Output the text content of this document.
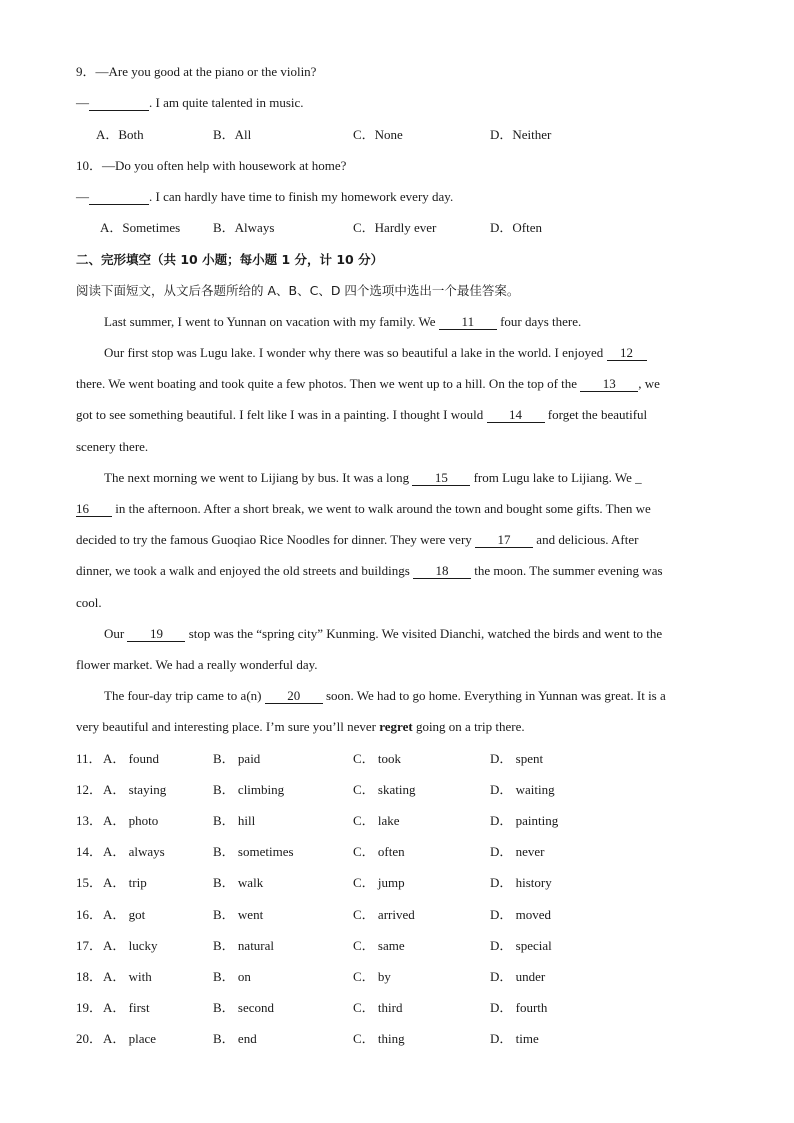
9．—Are you good at the piano or the violin?
—	. I am quite talented in music.
A．Both	B．All	C．None	D．Neither
10．—Do you often help with housework at home?
—	. I can hardly have time to finish my homework every day.
A．Sometimes	B．Always	C．Hardly ever	D．Often
二、完形填空（共 10 小题；每小题 1 分，计 10 分）
阅读下面短文，从文后各题所给的 A、B、C、D 四个选项中选出一个最佳答案。
Last summer, I went to Yunnan on vacation with my family. We 11 four days there.
Our first stop was Lugu lake. I wonder why there was so beautiful a lake in the world. I enjoyed 12
there. We went boating and took quite a few photos. Then we went up to a hill. On the top of the 13 , we
got to see something beautiful. I felt like I was in a painting. I thought I would 14 forget the beautiful
scenery there.
The next morning we went to Lijiang by bus. It was a long 15 from Lugu lake to Lijiang. We _
16 in the afternoon. After a short break, we went to walk around the town and bought some gifts. Then we
decided to try the famous Guoqiao Rice Noodles for dinner. They were very 17 and delicious. After
dinner, we took a walk and enjoyed the old streets and buildings 18 the moon. The summer evening was
cool.
Our 19 stop was the “spring city” Kunming. We visited Dianchi, watched the birds and went to the
flower market. We had a really wonderful day.
The four-day trip came to a(n) 20 soon. We had to go home. Everything in Yunnan was great. It is a
very beautiful and interesting place. I’m sure you’ll never regret going on a trip there.
11． A． found	B． paid	C． took	D． spent
12． A． staying	B． climbing	C． skating	D． waiting
13． A． photo	B． hill	C． lake	D． painting
14． A． always	B． sometimes	C． often	D． never
15． A． trip	B． walk	C． jump	D． history
16． A． got	B． went	C． arrived	D． moved
17． A． lucky	B． natural	C． same	D． special
18． A． with	B． on	C． by	D． under
19． A． first	B． second	C． third	D． fourth
20． A． place	B． end	C． thing	D． time
